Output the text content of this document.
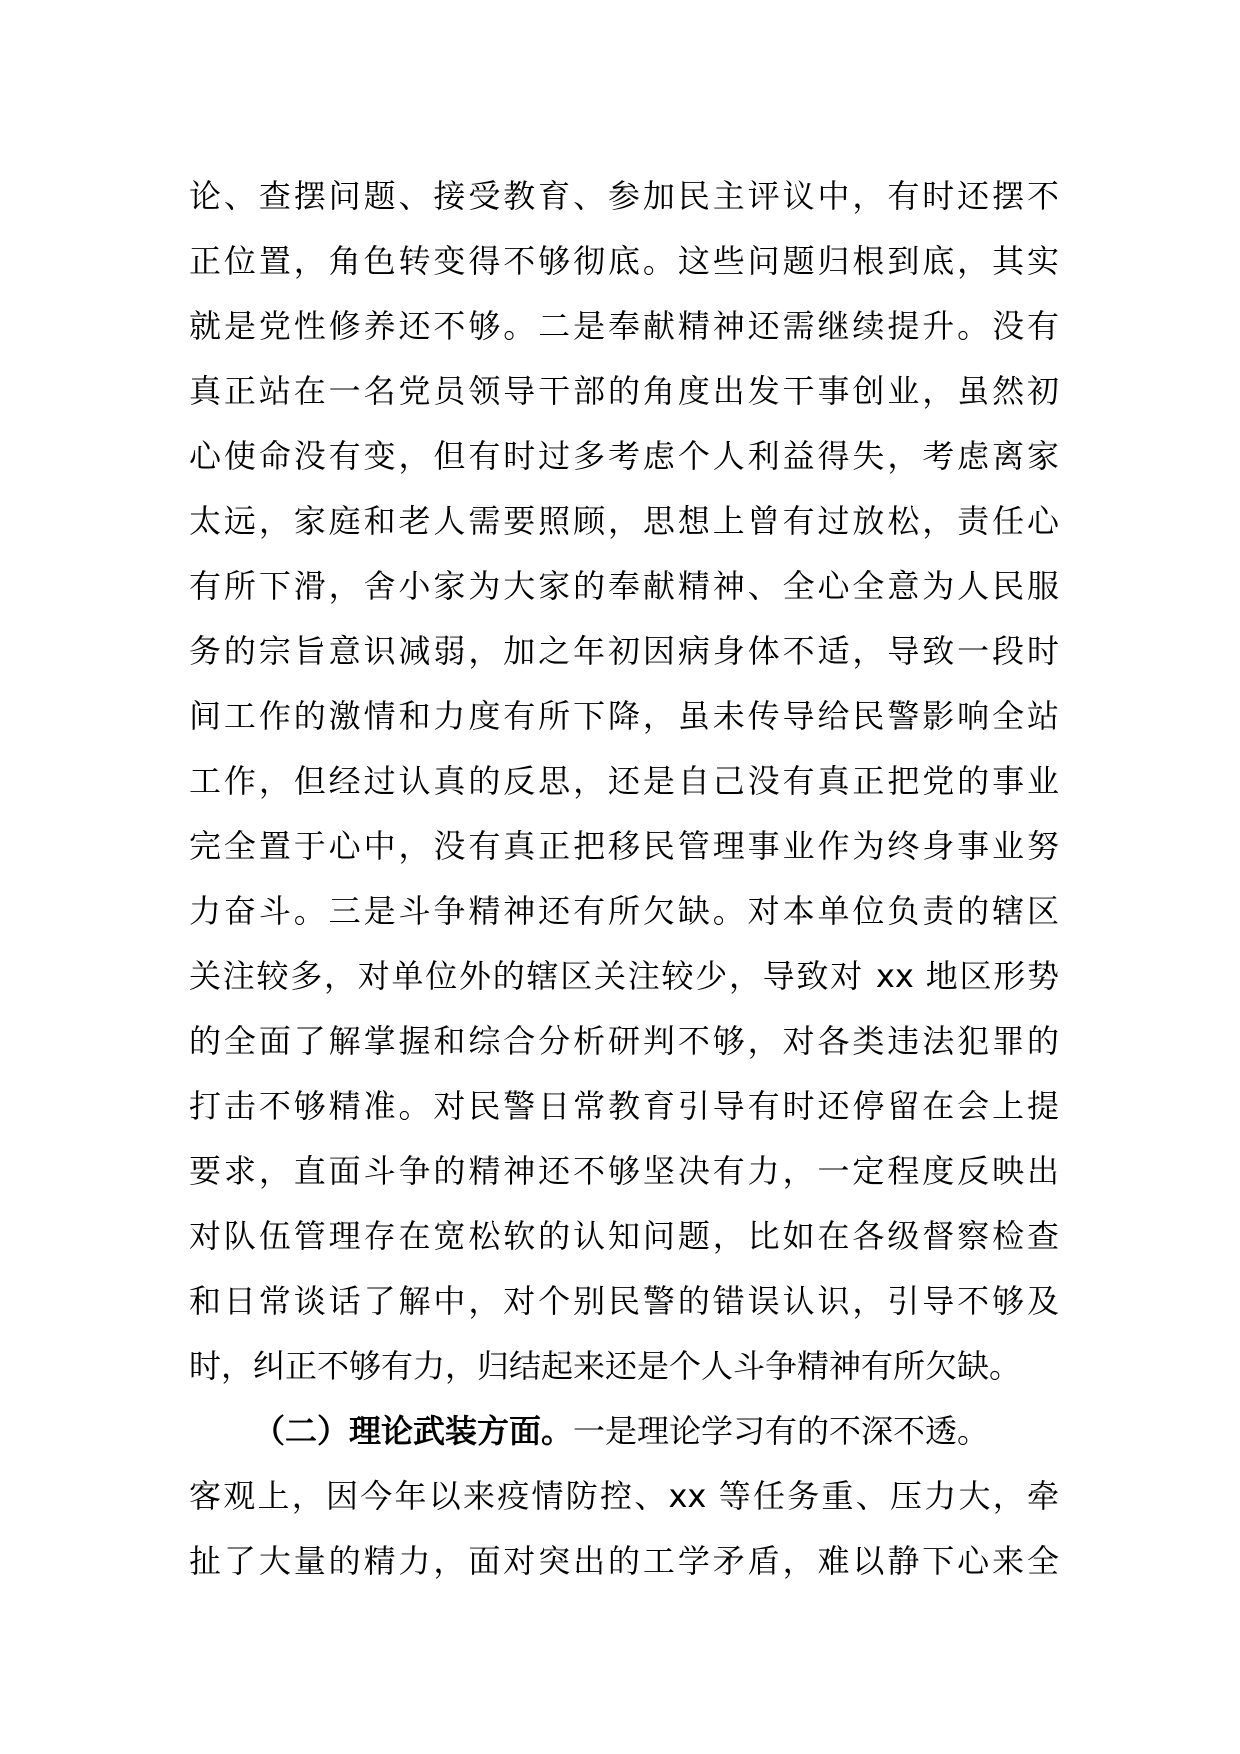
论、查摆问题、接受教育、参加民主评议中，有时还摆不
正位置，角色转变得不够彻底。这些问题归根到底，其实
就是党性修养还不够。二是奉献精神还需继续提升。没有
真正站在一名党员领导干部的角度出发干事创业，虽然初
心使命没有变，但有时过多考虑个人利益得失，考虑离家
太远，家庭和老人需要照顾，思想上曾有过放松，责任心
有所下滑，舍小家为大家的奉献精神、全心全意为人民服
务的宗旨意识减弱，加之年初因病身体不适，导致一段时
间工作的激情和力度有所下降，虽未传导给民警影响全站
工作，但经过认真的反思，还是自己没有真正把党的事业
完全置于心中，没有真正把移民管理事业作为终身事业努
力奋斗。三是斗争精神还有所欠缺。对本单位负责的辖区
关注较多，对单位外的辖区关注较少，导致对 xx 地区形势
的全面了解掌握和综合分析研判不够，对各类违法犯罪的
打击不够精准。对民警日常教育引导有时还停留在会上提
要求，直面斗争的精神还不够坚决有力，一定程度反映出
对队伍管理存在宽松软的认知问题，比如在各级督察检查
和日常谈话了解中，对个别民警的错误认识，引导不够及
时，纠正不够有力，归结起来还是个人斗争精神有所欠缺。
（二）理论武装方面。一是理论学习有的不深不透。
客观上，因今年以来疫情防控、xx 等任务重、压力大，牵
扯了大量的精力，面对突出的工学矛盾，难以静下心来全
